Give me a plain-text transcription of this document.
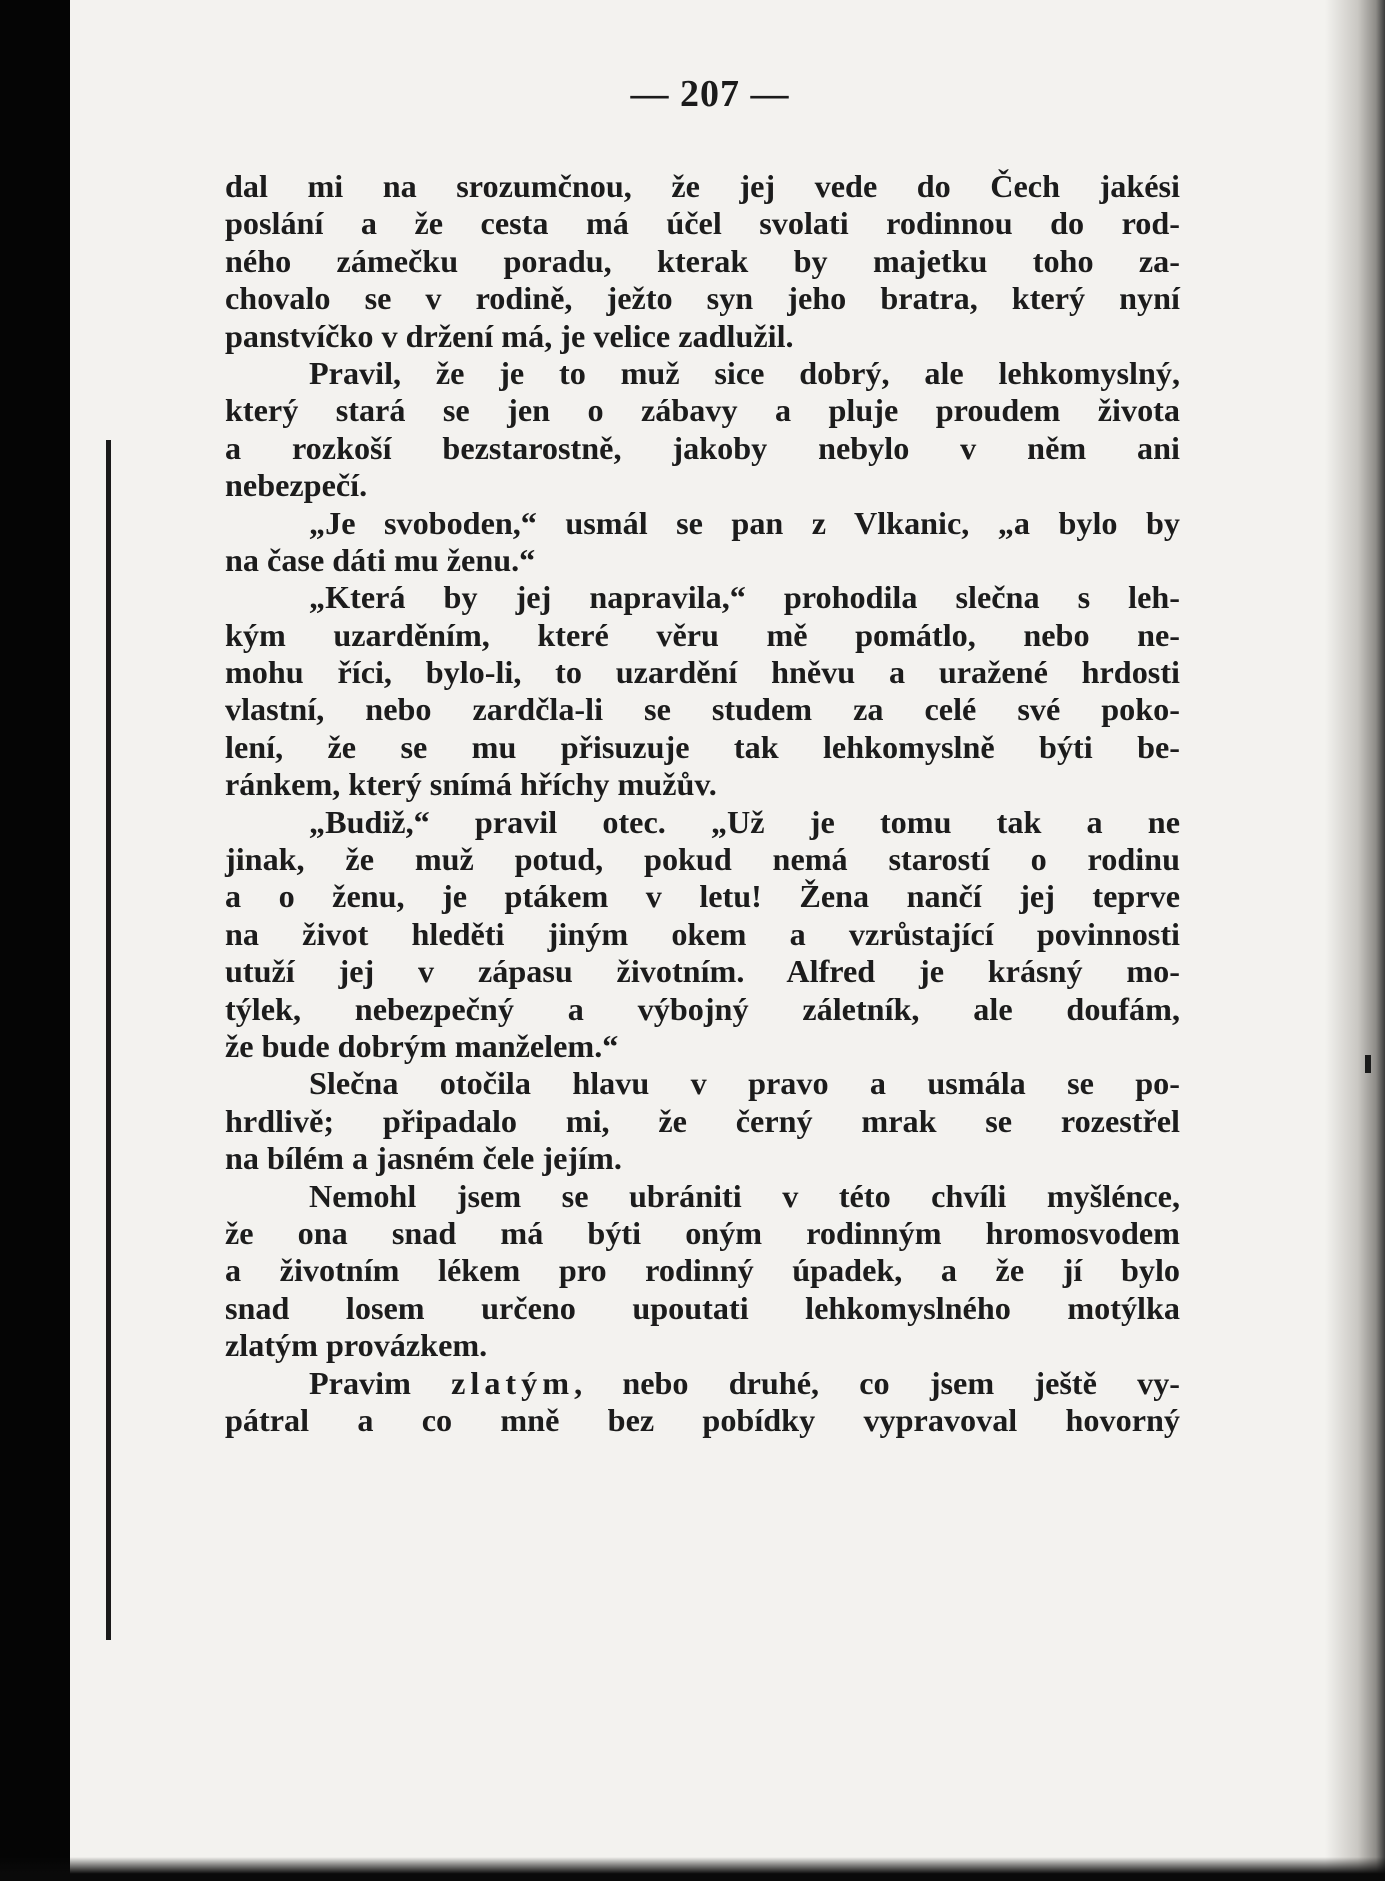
— 207 —
dal mi na srozumčnou, že jej vede do Čech jakési
poslání a že cesta má účel svolati rodinnou do rod-
ného zámečku poradu, kterak by majetku toho za-
chovalo se v rodině, ježto syn jeho bratra, který nyní
panstvíčko v držení má, je velice zadlužil.
Pravil, že je to muž sice dobrý, ale lehkomyslný,
který stará se jen o zábavy a pluje proudem života
a rozkoší bezstarostně, jakoby nebylo v něm ani
nebezpečí.
„Je svoboden,“ usmál se pan z Vlkanic, „a bylo by
na čase dáti mu ženu.“
„Která by jej napravila,“ prohodila slečna s leh-
kým uzarděním, které věru mě pomátlo, nebo ne-
mohu říci, bylo-li, to uzardění hněvu a uražené hrdosti
vlastní, nebo zardčla-li se studem za celé své poko-
lení, že se mu přisuzuje tak lehkomyslně býti be-
ránkem, který snímá hříchy mužův.
„Budiž,“ pravil otec. „Už je tomu tak a ne
jinak, že muž potud, pokud nemá starostí o rodinu
a o ženu, je ptákem v letu! Žena nančí jej teprve
na život hleděti jiným okem a vzrůstající povinnosti
utuží jej v zápasu životním. Alfred je krásný mo-
týlek, nebezpečný a výbojný záletník, ale doufám,
že bude dobrým manželem.“
Slečna otočila hlavu v pravo a usmála se po-
hrdlivě; připadalo mi, že černý mrak se rozestřel
na bílém a jasném čele jejím.
Nemohl jsem se ubrániti v této chvíli myšlénce,
že ona snad má býti oným rodinným hromosvodem
a životním lékem pro rodinný úpadek, a že jí bylo
snad losem určeno upoutati lehkomyslného motýlka
zlatým provázkem.
Pravim zlatým, nebo druhé, co jsem ještě vy-
pátral a co mně bez pobídky vypravoval hovorný
